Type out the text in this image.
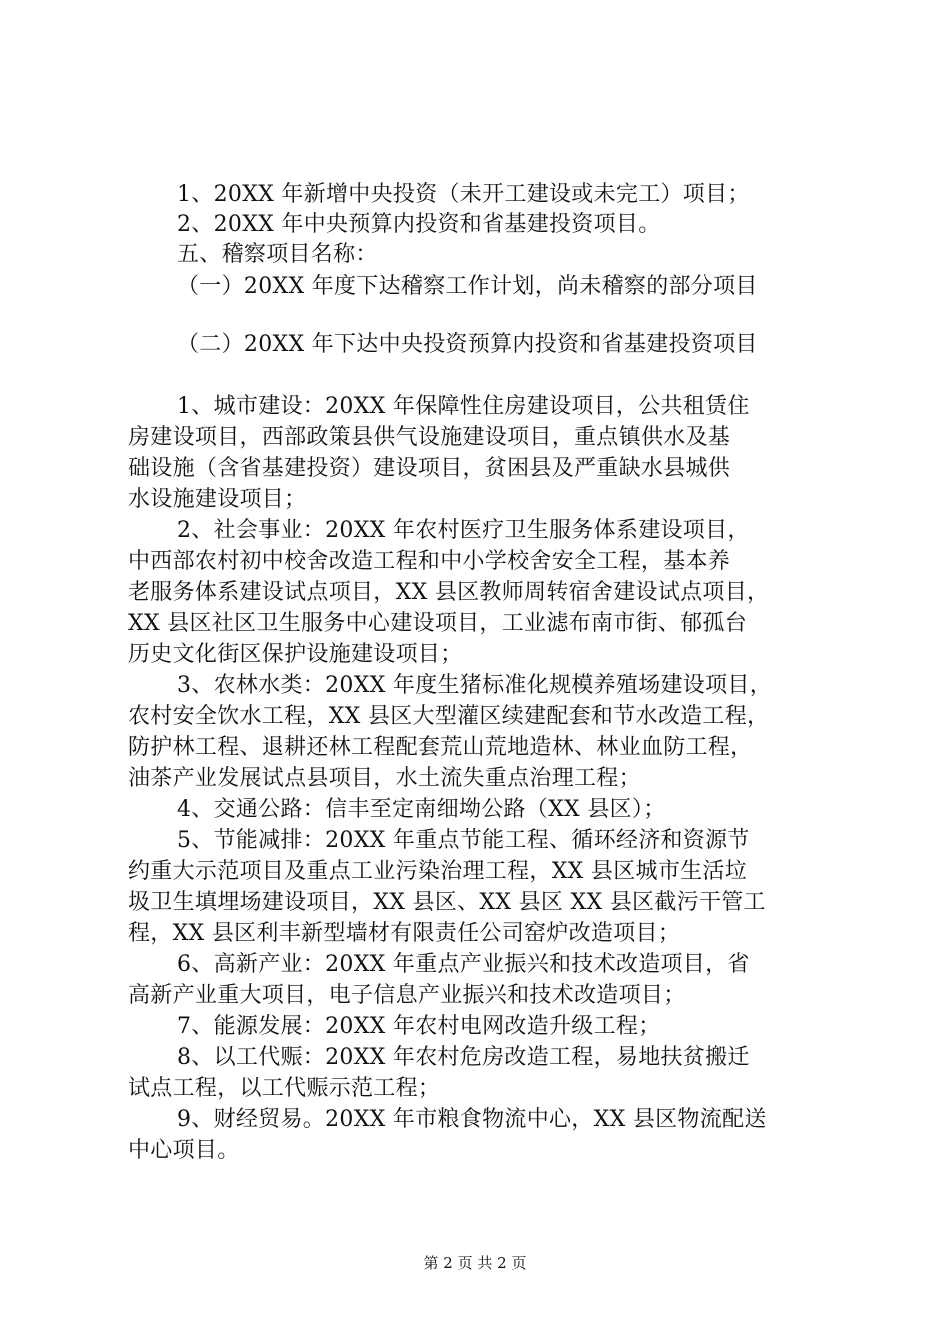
1、20XX 年新增中央投资（未开工建设或未完工）项目；
2、20XX 年中央预算内投资和省基建投资项目。
五、稽察项目名称：
（一）20XX 年度下达稽察工作计划，尚未稽察的部分项目
（二）20XX 年下达中央投资预算内投资和省基建投资项目
1、城市建设：20XX 年保障性住房建设项目，公共租赁住
房建设项目，西部政策县供气设施建设项目，重点镇供水及基
础设施（含省基建投资）建设项目，贫困县及严重缺水县城供
水设施建设项目；
2、社会事业：20XX 年农村医疗卫生服务体系建设项目，
中西部农村初中校舍改造工程和中小学校舍安全工程，基本养
老服务体系建设试点项目，XX 县区教师周转宿舍建设试点项目，
XX 县区社区卫生服务中心建设项目，工业滤布南市街、郁孤台
历史文化街区保护设施建设项目；
3、农林水类：20XX 年度生猪标准化规模养殖场建设项目，
农村安全饮水工程，XX 县区大型灌区续建配套和节水改造工程，
防护林工程、退耕还林工程配套荒山荒地造林、林业血防工程，
油茶产业发展试点县项目，水土流失重点治理工程；
4、交通公路：信丰至定南细坳公路（XX 县区）；
5、节能减排：20XX 年重点节能工程、循环经济和资源节
约重大示范项目及重点工业污染治理工程，XX 县区城市生活垃
圾卫生填埋场建设项目，XX 县区、XX 县区 XX 县区截污干管工
程，XX 县区利丰新型墙材有限责任公司窑炉改造项目；
6、高新产业：20XX 年重点产业振兴和技术改造项目，省
高新产业重大项目，电子信息产业振兴和技术改造项目；
7、能源发展：20XX 年农村电网改造升级工程；
8、以工代赈：20XX 年农村危房改造工程，易地扶贫搬迁
试点工程，以工代赈示范工程；
9、财经贸易。20XX 年市粮食物流中心，XX 县区物流配送
中心项目。
第 2 页 共 2 页
